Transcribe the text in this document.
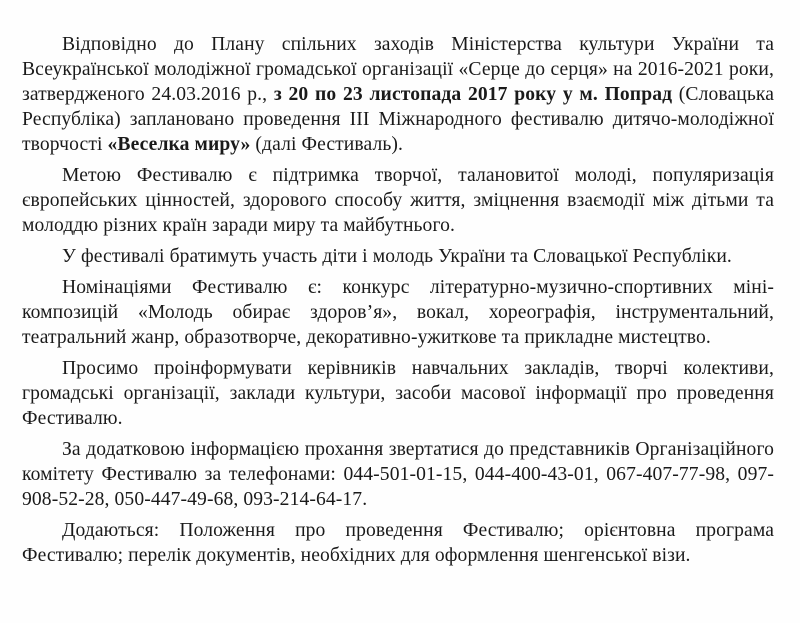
Відповідно до Плану спільних заходів Міністерства культури України та Всеукраїнської молодіжної громадської організації «Серце до серця» на 2016-2021 роки, затвердженого 24.03.2016 р., з 20 по 23 листопада 2017 року у м. Попрад (Словацька Республіка) заплановано проведення ІІІ Міжнародного фестивалю дитячо-молодіжної творчості «Веселка миру» (далі Фестиваль).

Метою Фестивалю є підтримка творчої, талановитої молоді, популяризація європейських цінностей, здорового способу життя, зміцнення взаємодії між дітьми та молоддю різних країн заради миру та майбутнього.

У фестивалі братимуть участь діти і молодь України та Словацької Республіки.

Номінаціями Фестивалю є: конкурс літературно-музично-спортивних міні-композицій «Молодь обирає здоров’я», вокал, хореографія, інструментальний, театральний жанр, образотворче, декоративно-ужиткове та прикладне мистецтво.

Просимо проінформувати керівників навчальних закладів, творчі колективи, громадські організації, заклади культури, засоби масової інформації про проведення Фестивалю.

За додатковою інформацією прохання звертатися до представників Організаційного комітету Фестивалю за телефонами: 044-501-01-15, 044-400-43-01, 067-407-77-98, 097-908-52-28, 050-447-49-68, 093-214-64-17.

Додаються: Положення про проведення Фестивалю; орієнтовна програма Фестивалю; перелік документів, необхідних для оформлення шенгенської візи.
